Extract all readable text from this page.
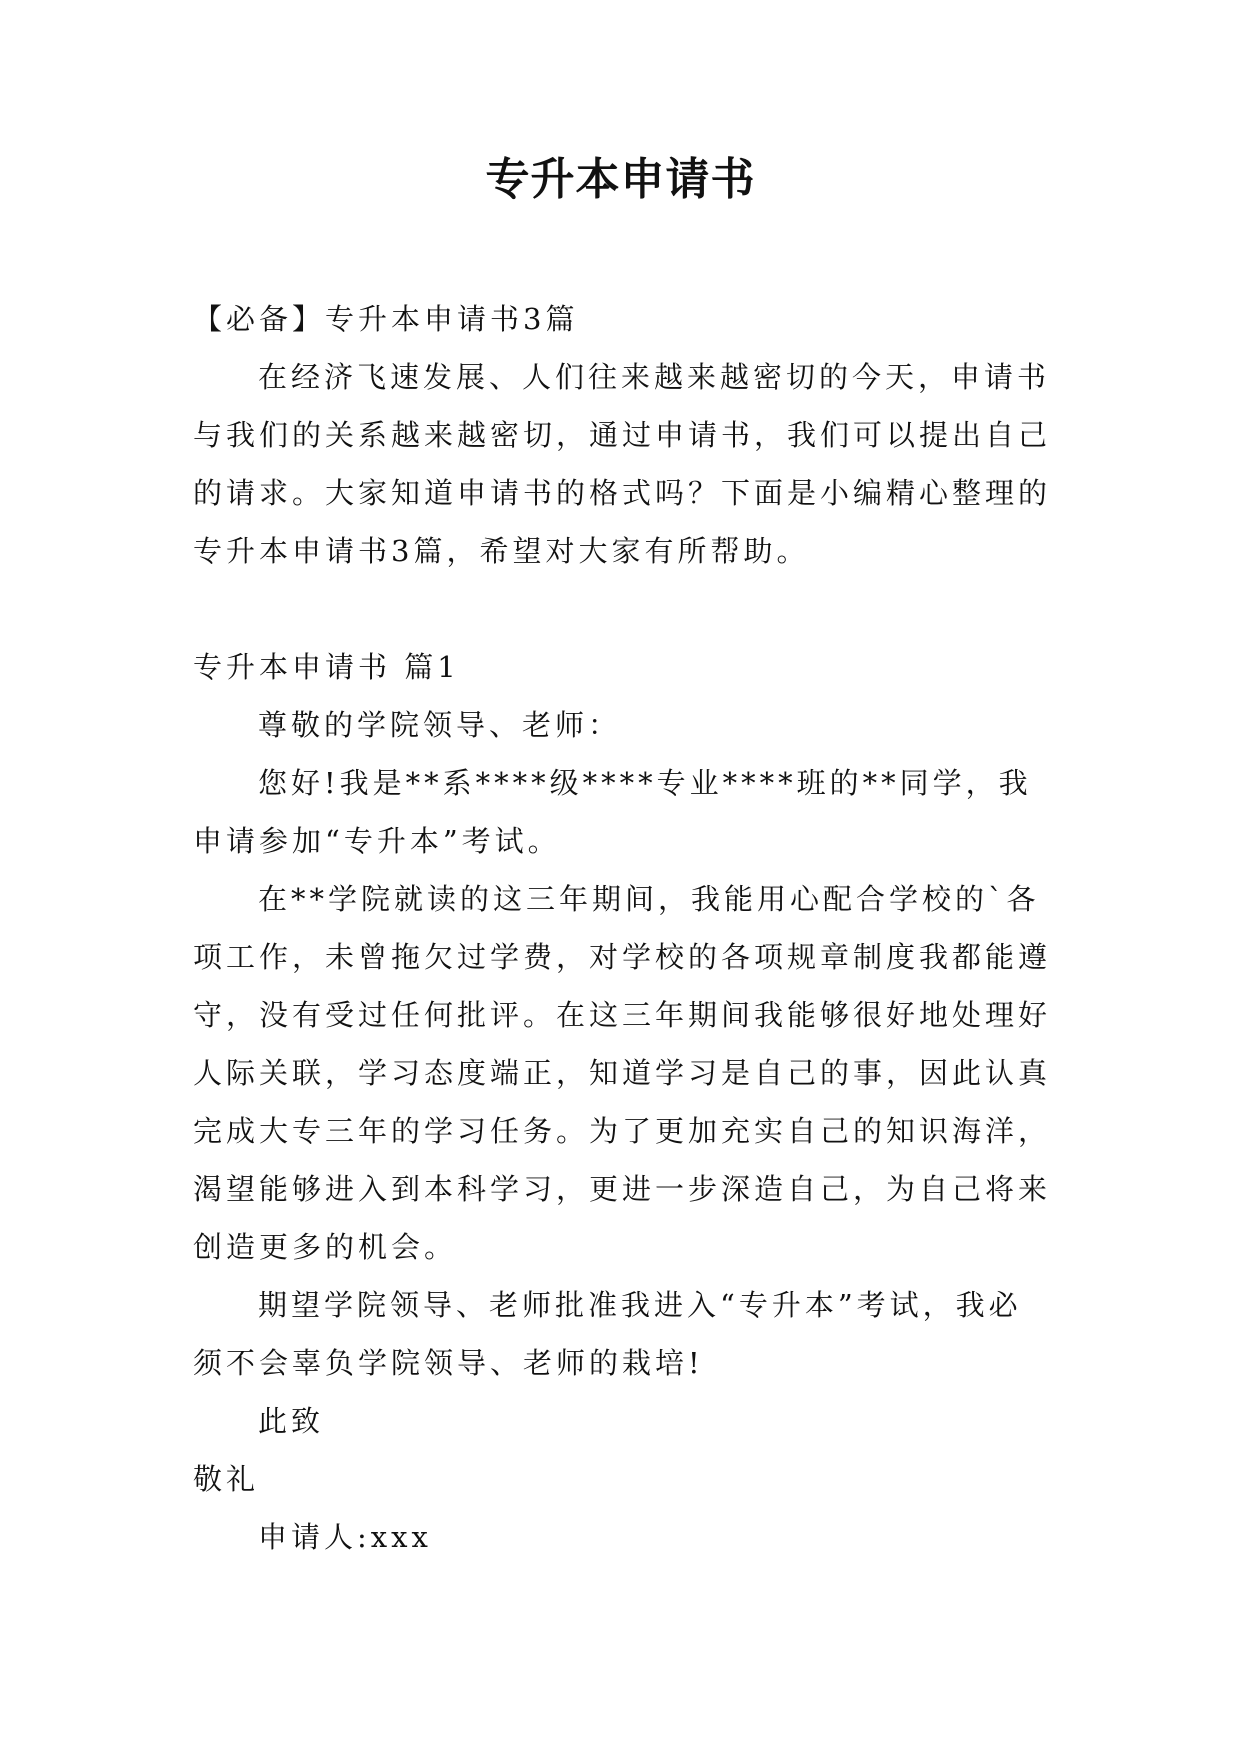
专升本申请书

【必备】专升本申请书3篇

在经济飞速发展、人们往来越来越密切的今天，申请书与我们的关系越来越密切，通过申请书，我们可以提出自己的请求。大家知道申请书的格式吗？下面是小编精心整理的专升本申请书3篇，希望对大家有所帮助。

专升本申请书 篇1

尊敬的学院领导、老师：

您好!我是**系****级****专业****班的**同学，我申请参加“专升本”考试。

在**学院就读的这三年期间，我能用心配合学校的`各项工作，未曾拖欠过学费，对学校的各项规章制度我都能遵守，没有受过任何批评。在这三年期间我能够很好地处理好人际关联，学习态度端正，知道学习是自己的事，因此认真完成大专三年的学习任务。为了更加充实自己的知识海洋，渴望能够进入到本科学习，更进一步深造自己，为自己将来创造更多的机会。

期望学院领导、老师批准我进入“专升本”考试，我必须不会辜负学院领导、老师的栽培!

此致

敬礼

申请人:xxx
